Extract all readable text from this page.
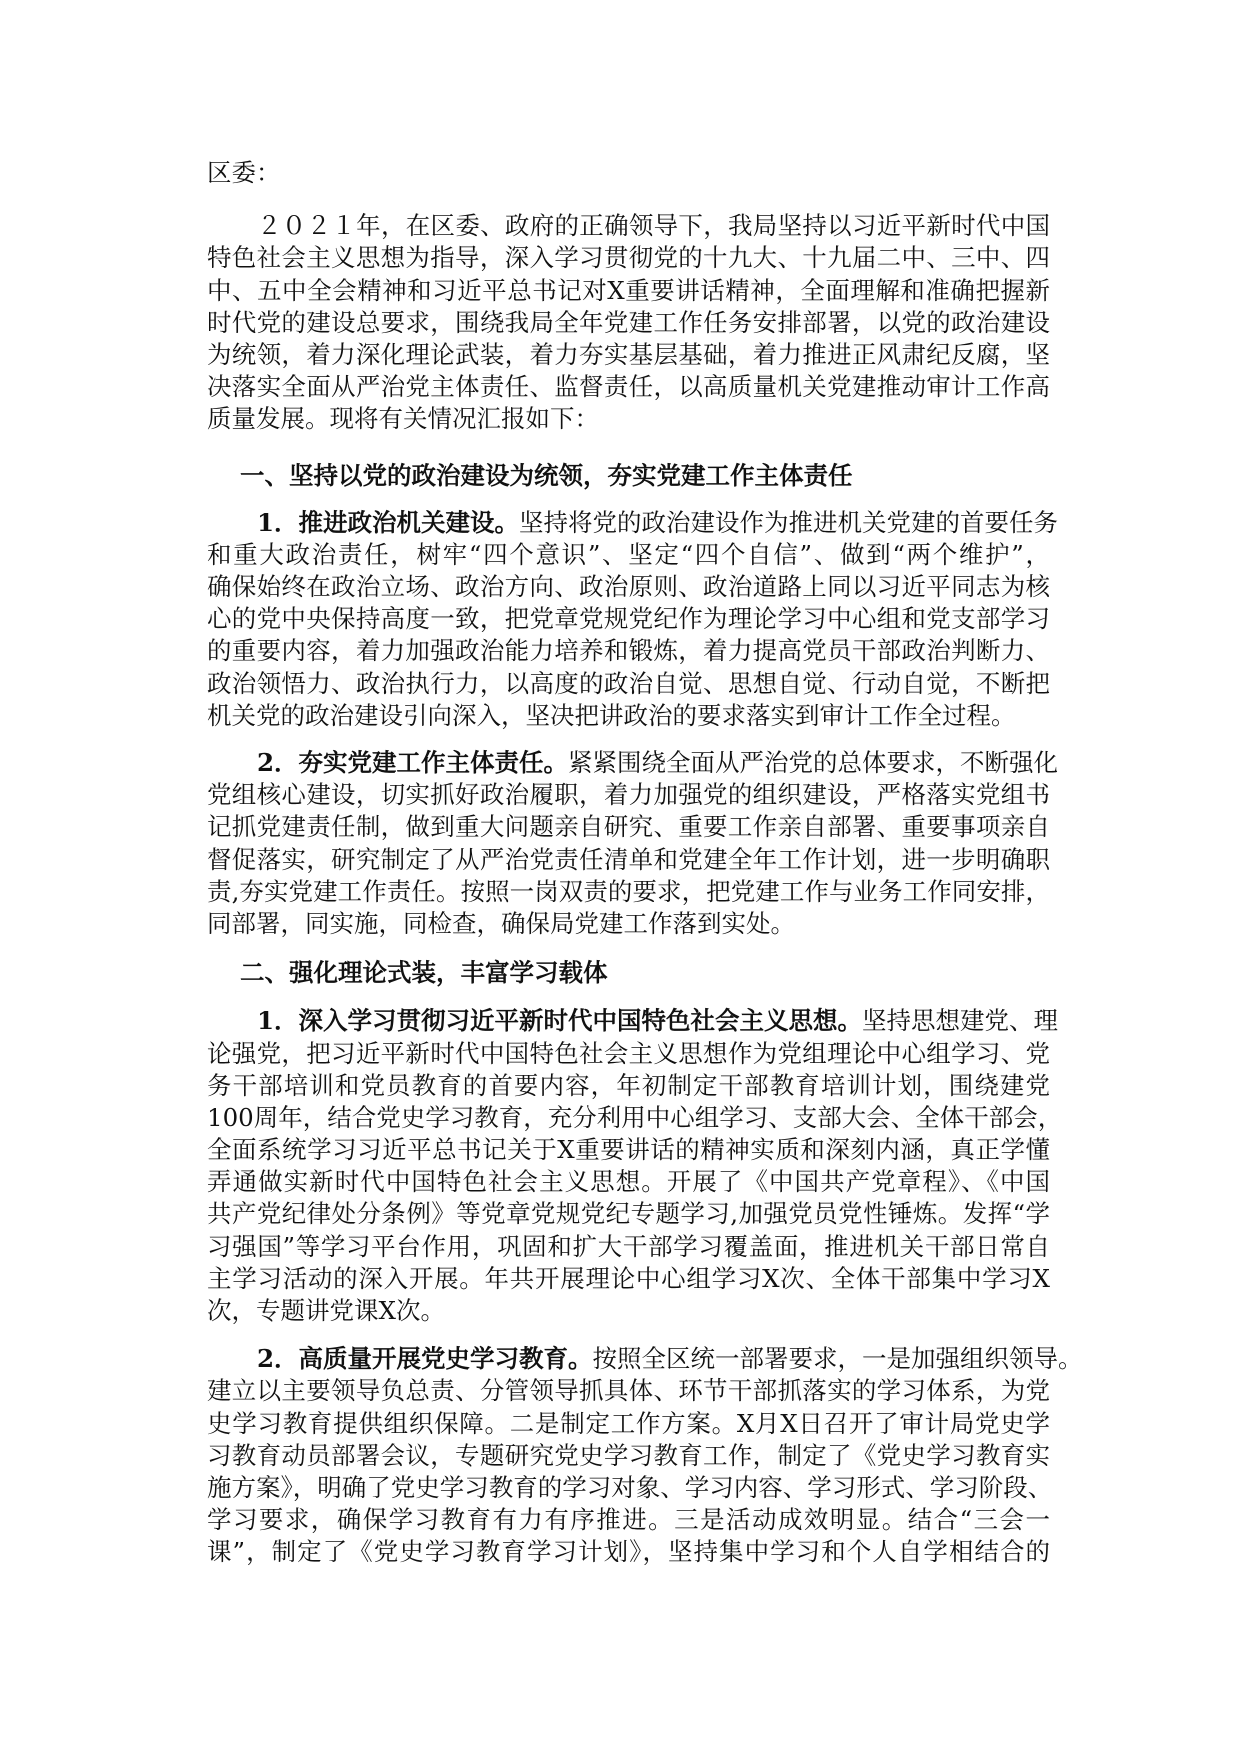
区委：
２０２１年，在区委、政府的正确领导下，我局坚持以习近平新时代中国
特色社会主义思想为指导，深入学习贯彻党的十九大、十九届二中、三中、四
中、五中全会精神和习近平总书记对X重要讲话精神，全面理解和准确把握新
时代党的建设总要求，围绕我局全年党建工作任务安排部署，以党的政治建设
为统领，着力深化理论武装，着力夯实基层基础，着力推进正风肃纪反腐，坚
决落实全面从严治党主体责任、监督责任，以高质量机关党建推动审计工作高
质量发展。现将有关情况汇报如下：
一、坚持以党的政治建设为统领，夯实党建工作主体责任
1．推进政治机关建设。坚持将党的政治建设作为推进机关党建的首要任务
和重大政治责任，树牢“四个意识”、坚定“四个自信”、做到“两个维护”，
确保始终在政治立场、政治方向、政治原则、政治道路上同以习近平同志为核
心的党中央保持高度一致，把党章党规党纪作为理论学习中心组和党支部学习
的重要内容，着力加强政治能力培养和锻炼，着力提高党员干部政治判断力、
政治领悟力、政治执行力，以高度的政治自觉、思想自觉、行动自觉，不断把
机关党的政治建设引向深入，坚决把讲政治的要求落实到审计工作全过程。
2．夯实党建工作主体责任。紧紧围绕全面从严治党的总体要求，不断强化
党组核心建设，切实抓好政治履职，着力加强党的组织建设，严格落实党组书
记抓党建责任制，做到重大问题亲自研究、重要工作亲自部署、重要事项亲自
督促落实，研究制定了从严治党责任清单和党建全年工作计划，进一步明确职
责,夯实党建工作责任。按照一岗双责的要求，把党建工作与业务工作同安排，
同部署，同实施，同检查，确保局党建工作落到实处。
二、强化理论式装，丰富学习载体
1．深入学习贯彻习近平新时代中国特色社会主义思想。坚持思想建党、理
论强党，把习近平新时代中国特色社会主义思想作为党组理论中心组学习、党
务干部培训和党员教育的首要内容，年初制定干部教育培训计划，围绕建党
100周年，结合党史学习教育，充分利用中心组学习、支部大会、全体干部会，
全面系统学习习近平总书记关于X重要讲话的精神实质和深刻内涵，真正学懂
弄通做实新时代中国特色社会主义思想。开展了《中国共产党章程》、《中国
共产党纪律处分条例》等党章党规党纪专题学习,加强党员党性锤炼。发挥“学
习强国”等学习平台作用，巩固和扩大干部学习覆盖面，推进机关干部日常自
主学习活动的深入开展。年共开展理论中心组学习X次、全体干部集中学习X
次，专题讲党课X次。
2．高质量开展党史学习教育。按照全区统一部署要求，一是加强组织领导。
建立以主要领导负总责、分管领导抓具体、环节干部抓落实的学习体系，为党
史学习教育提供组织保障。二是制定工作方案。X月X日召开了审计局党史学
习教育动员部署会议，专题研究党史学习教育工作，制定了《党史学习教育实
施方案》，明确了党史学习教育的学习对象、学习内容、学习形式、学习阶段、
学习要求，确保学习教育有力有序推进。三是活动成效明显。结合“三会一
课”，制定了《党史学习教育学习计划》，坚持集中学习和个人自学相结合的
